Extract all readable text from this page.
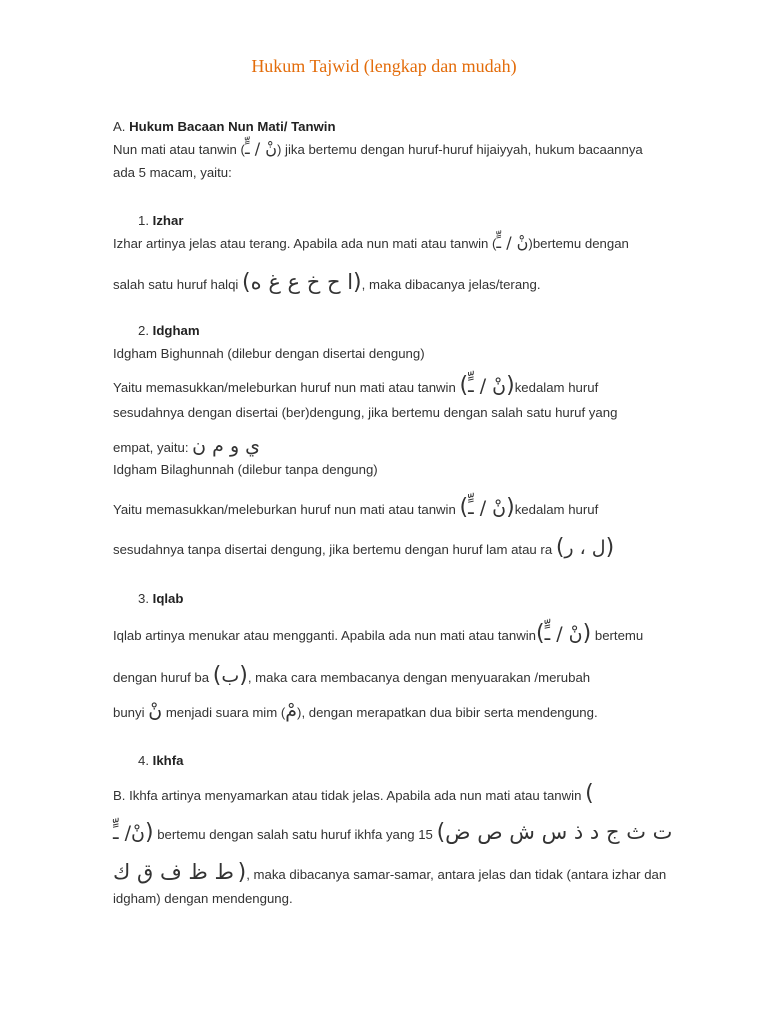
Hukum Tajwid (lengkap dan mudah)
A. Hukum Bacaan Nun Mati/ Tanwin
Nun mati atau tanwin (نْ / ـٍّ) jika bertemu dengan huruf-huruf hijaiyyah, hukum bacaannya
ada 5 macam, yaitu:
1. Izhar
Izhar artinya jelas atau terang. Apabila ada nun mati atau tanwin (نْ / ـٍّ)bertemu dengan
salah satu huruf halqi (ا ح خ ع غ ه), maka dibacanya jelas/terang.
2. Idgham
Idgham Bighunnah (dilebur dengan disertai dengung)
Yaitu memasukkan/meleburkan huruf nun mati atau tanwin (نْ / ـٍّ)kedalam huruf
sesudahnya dengan disertai (ber)dengung, jika bertemu dengan salah satu huruf yang
empat, yaitu: ي و م ن
Idgham Bilaghunnah (dilebur tanpa dengung)
Yaitu memasukkan/meleburkan huruf nun mati atau tanwin (نْ / ـٍّ)kedalam huruf
sesudahnya tanpa disertai dengung, jika bertemu dengan huruf lam atau ra (ل ، ر)
3. Iqlab
Iqlab artinya menukar atau mengganti. Apabila ada nun mati atau tanwin(نْ / ـٍّ) bertemu
dengan huruf ba (ب), maka cara membacanya dengan menyuarakan /merubah
bunyi نْ menjadi suara mim (مْ), dengan merapatkan dua bibir serta mendengung.
4. Ikhfa
B. Ikhfa artinya menyamarkan atau tidak jelas. Apabila ada nun mati atau tanwin (
نْ/ ـٍّ) bertemu dengan salah satu huruf ikhfa yang 15 (ت ث ج د ذ س ش ص ض
ط ظ ف ق ك ), maka dibacanya samar-samar, antara jelas dan tidak (antara izhar dan
idgham) dengan mendengung.
